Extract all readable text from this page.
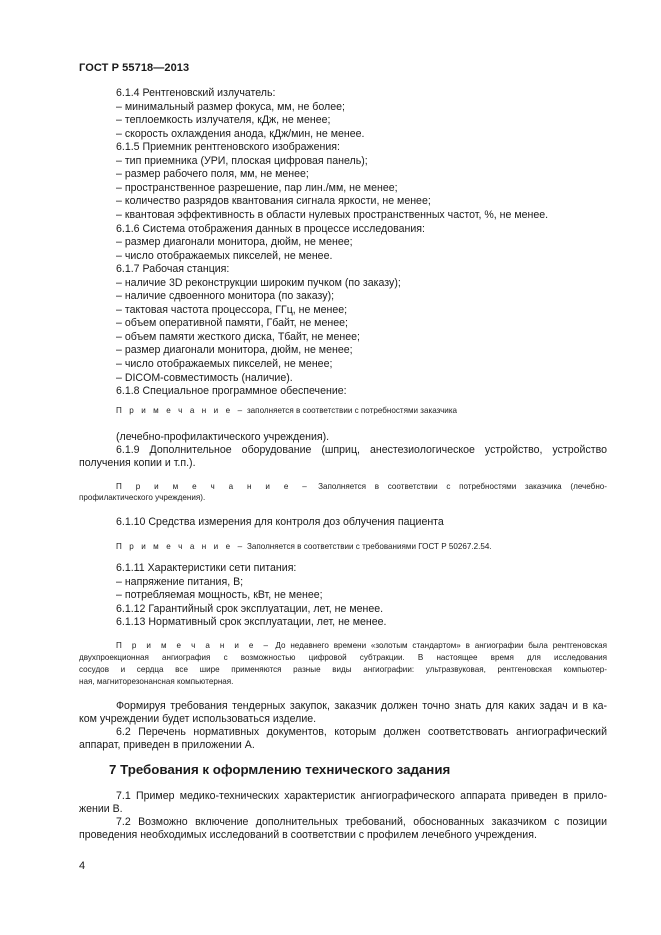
ГОСТ Р 55718—2013
6.1.4 Рентгеновский излучатель:
– минимальный размер фокуса, мм, не более;
– теплоемкость излучателя, кДж, не менее;
– скорость охлаждения анода, кДж/мин, не менее.
6.1.5 Приемник рентгеновского изображения:
– тип приемника (УРИ, плоская цифровая панель);
– размер рабочего поля, мм, не менее;
– пространственное разрешение, пар лин./мм, не менее;
– количество разрядов квантования сигнала яркости, не менее;
– квантовая эффективность в области нулевых пространственных частот, %, не менее.
6.1.6 Система отображения данных в процессе исследования:
– размер диагонали монитора, дюйм, не менее;
– число отображаемых пикселей, не менее.
6.1.7 Рабочая станция:
– наличие 3D реконструкции широким пучком (по заказу);
– наличие сдвоенного монитора (по заказу);
– тактовая частота процессора, ГГц, не менее;
– объем оперативной памяти, Гбайт, не менее;
– объем памяти жесткого диска, Тбайт, не менее;
– размер диагонали монитора, дюйм, не менее;
– число отображаемых пикселей, не менее;
– DICOM-совместимость (наличие).
6.1.8 Специальное программное обеспечение:
П р и м е ч а н и е – заполняется в соответствии с потребностями заказчика
(лечебно-профилактического учреждения).
6.1.9 Дополнительное оборудование (шприц, анестезиологическое устройство, устройство
получения копии и т.п.).
П р и м е ч а н и е – Заполняется в соответствии с потребностями заказчика (лечебно-
профилактического учреждения).
6.1.10 Средства измерения для контроля доз облучения пациента
П р и м е ч а н и е – Заполняется в соответствии с требованиями ГОСТ Р 50267.2.54.
6.1.11 Характеристики сети питания:
– напряжение питания, В;
– потребляемая мощность, кВт, не менее;
6.1.12 Гарантийный срок эксплуатации, лет, не менее.
6.1.13 Нормативный срок эксплуатации, лет, не менее.
П р и м е ч а н и е – До недавнего времени «золотым стандартом» в ангиографии была рентгеновская
двухпроекционная ангиография с возможностью цифровой субтракции. В настоящее время для исследования
сосудов и сердца все шире применяются разные виды ангиографии: ультразвуковая, рентгеновская компьютер-
ная, магниторезонансная компьютерная.
Формируя требования тендерных закупок, заказчик должен точно знать для каких задач и в ка-
ком учреждении будет использоваться изделие.
6.2 Перечень нормативных документов, которым должен соответствовать ангиографический
аппарат, приведен в приложении А.
7 Требования к оформлению технического задания
7.1 Пример медико-технических характеристик ангиографического аппарата приведен в прило-
жении В.
7.2 Возможно включение дополнительных требований, обоснованных заказчиком с позиции
проведения необходимых исследований в соответствии с профилем лечебного учреждения.
4
